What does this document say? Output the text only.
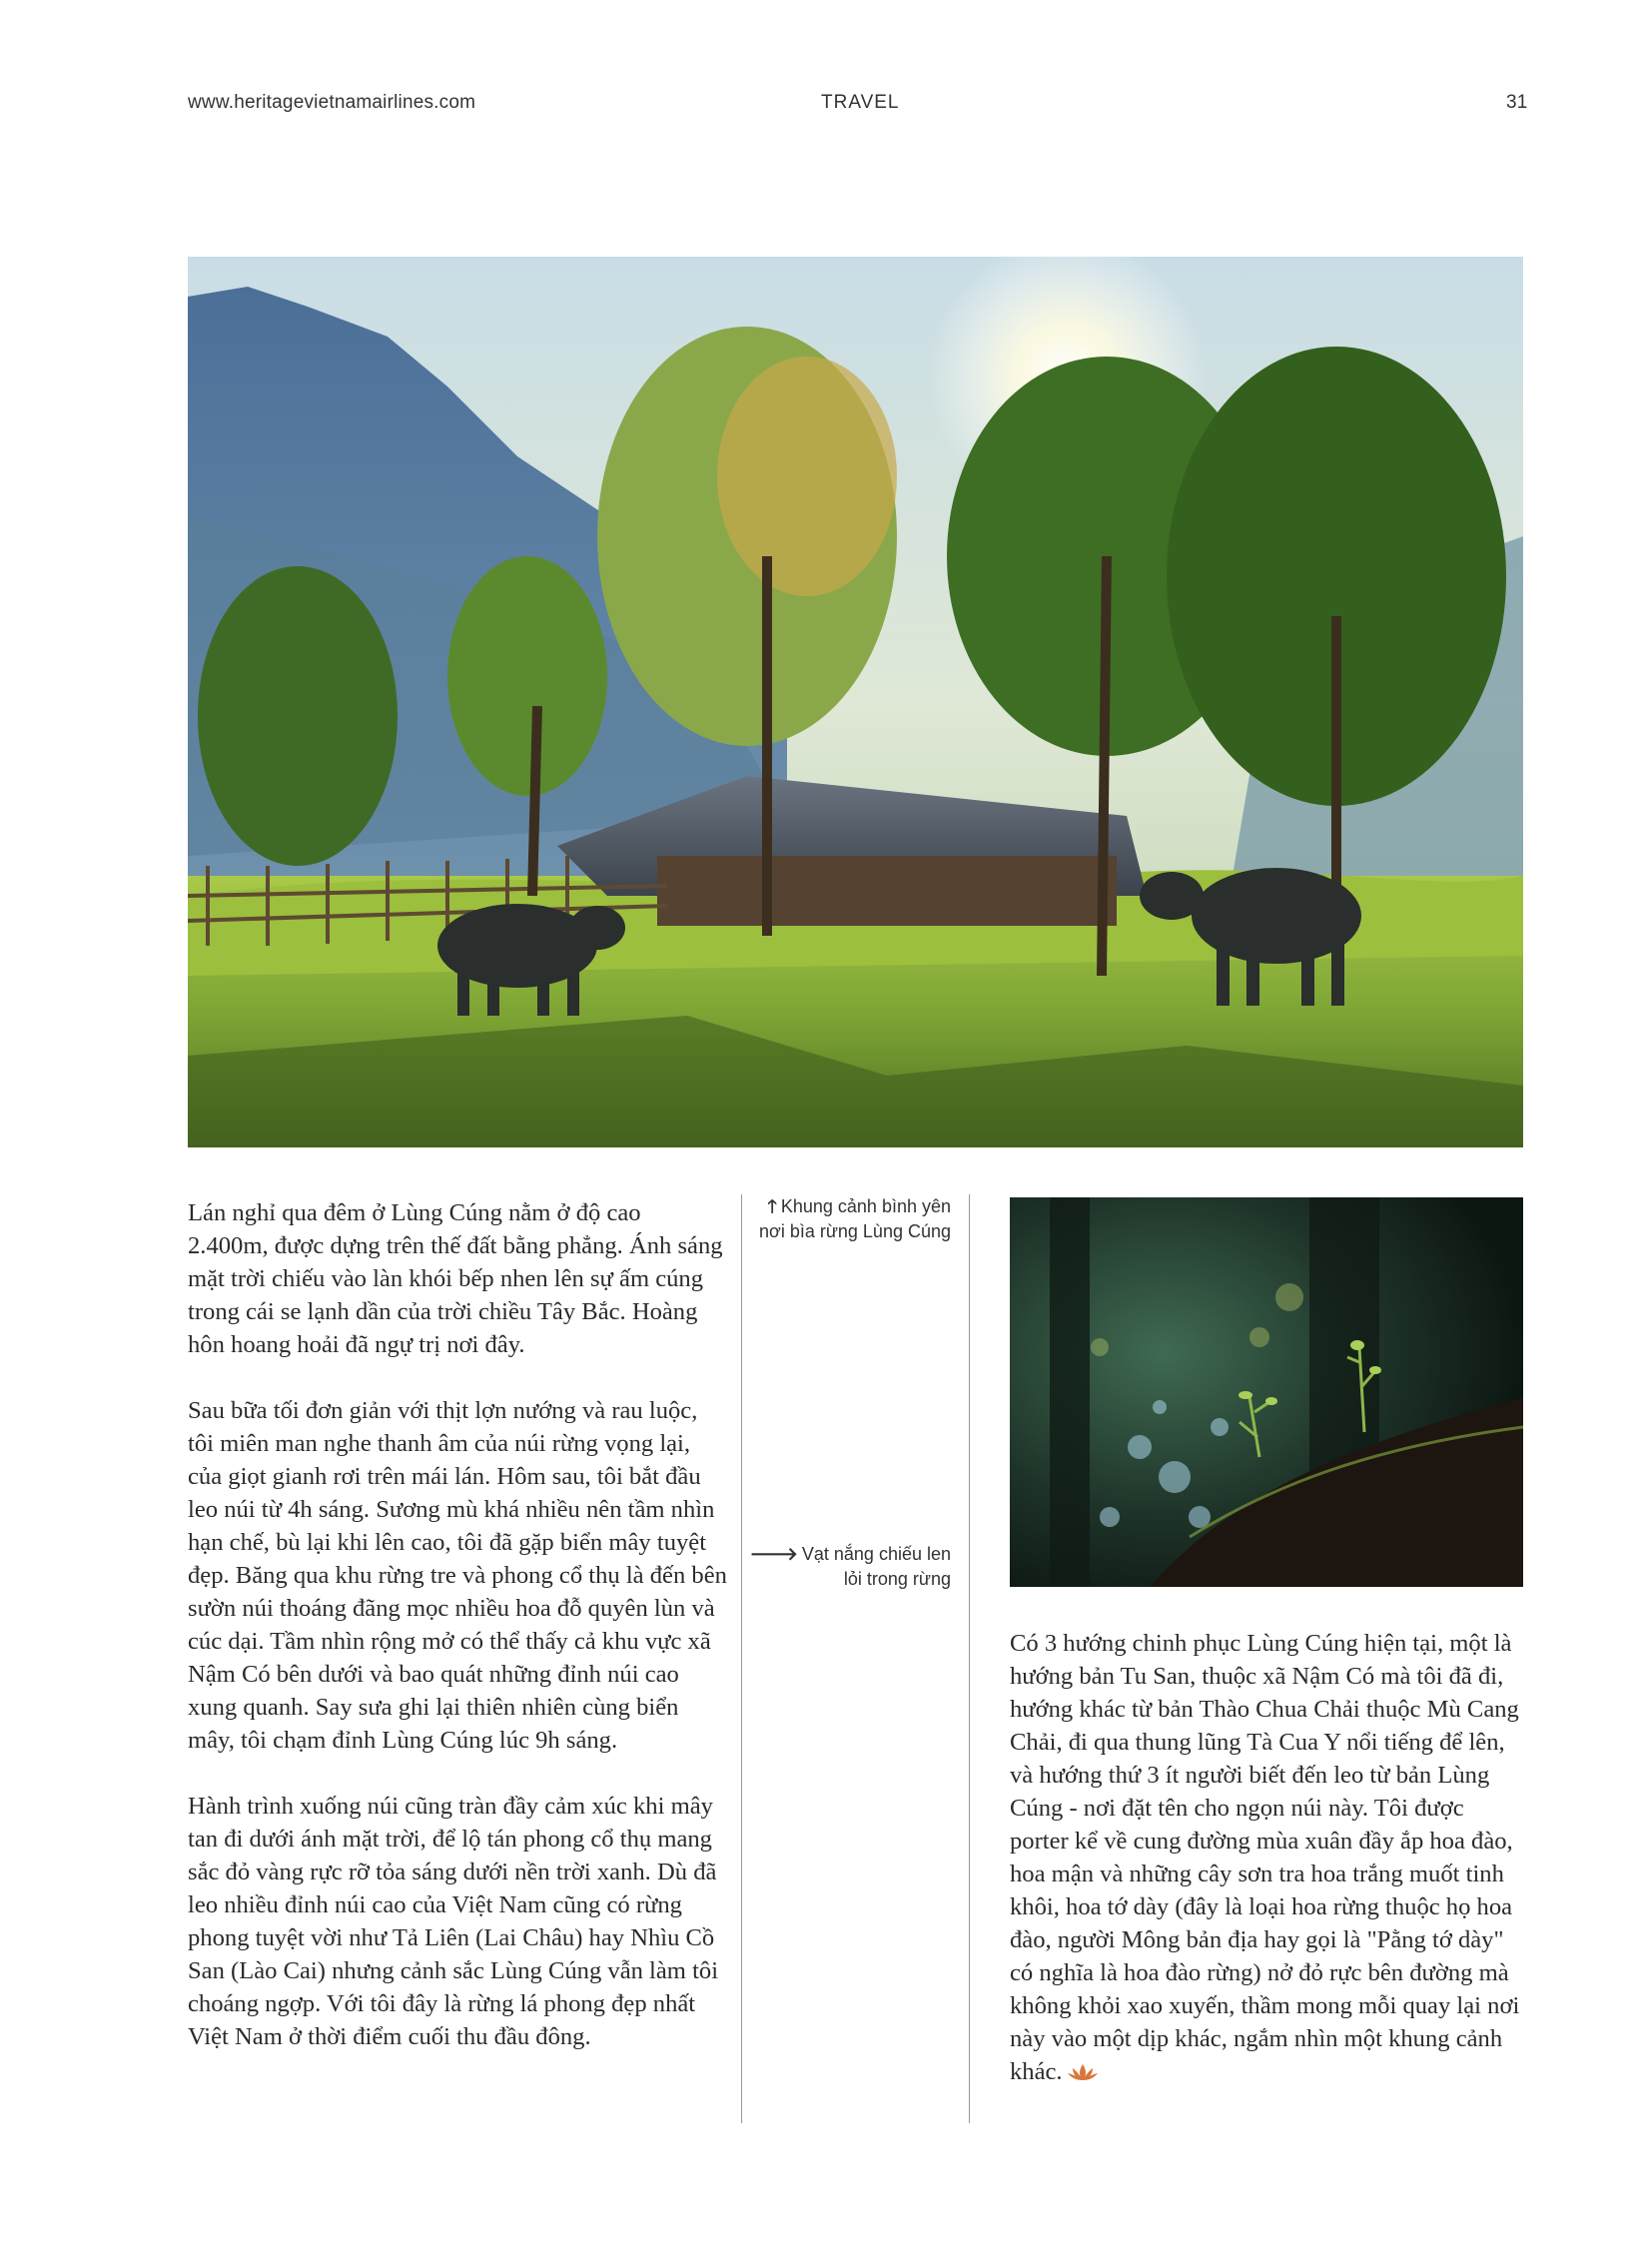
www.heritagevietnamairlines.com	TRAVEL	31
🡑 Khung cảnh bình yên nơi bìa rừng Lùng Cúng
🡒 Vạt nắng chiếu len lỏi trong rừng

Lán nghỉ qua đêm ở Lùng Cúng nằm ở độ cao 2.400m, được dựng trên thế đất bằng phẳng. Ánh sáng mặt trời chiếu vào làn khói bếp nhen lên sự ấm cúng trong cái se lạnh dần của trời chiều Tây Bắc. Hoàng hôn hoang hoải đã ngự trị nơi đây.

Sau bữa tối đơn giản với thịt lợn nướng và rau luộc, tôi miên man nghe thanh âm của núi rừng vọng lại, của giọt gianh rơi trên mái lán. Hôm sau, tôi bắt đầu leo núi từ 4h sáng. Sương mù khá nhiều nên tầm nhìn hạn chế, bù lại khi lên cao, tôi đã gặp biển mây tuyệt đẹp. Băng qua khu rừng tre và phong cổ thụ là đến bên sườn núi thoáng đãng mọc nhiều hoa đỗ quyên lùn và cúc dại. Tầm nhìn rộng mở có thể thấy cả khu vực xã Nậm Có bên dưới và bao quát những đỉnh núi cao xung quanh. Say sưa ghi lại thiên nhiên cùng biển mây, tôi chạm đỉnh Lùng Cúng lúc 9h sáng.

Hành trình xuống núi cũng tràn đầy cảm xúc khi mây tan đi dưới ánh mặt trời, để lộ tán phong cổ thụ mang sắc đỏ vàng rực rỡ tỏa sáng dưới nền trời xanh. Dù đã leo nhiều đỉnh núi cao của Việt Nam cũng có rừng phong tuyệt vời như Tả Liên (Lai Châu) hay Nhìu Cồ San (Lào Cai) nhưng cảnh sắc Lùng Cúng vẫn làm tôi choáng ngợp. Với tôi đây là rừng lá phong đẹp nhất Việt Nam ở thời điểm cuối thu đầu đông.

Có 3 hướng chinh phục Lùng Cúng hiện tại, một là hướng bản Tu San, thuộc xã Nậm Có mà tôi đã đi, hướng khác từ bản Thào Chua Chải thuộc Mù Cang Chải, đi qua thung lũng Tà Cua Y nổi tiếng để lên, và hướng thứ 3 ít người biết đến leo từ bản Lùng Cúng - nơi đặt tên cho ngọn núi này. Tôi được porter kể về cung đường mùa xuân đầy ắp hoa đào, hoa mận và những cây sơn tra hoa trắng muốt tinh khôi, hoa tớ dày (đây là loại hoa rừng thuộc họ hoa đào, người Mông bản địa hay gọi là "Pằng tớ dày" có nghĩa là hoa đào rừng) nở đỏ rực bên đường mà không khỏi xao xuyến, thầm mong mỗi quay lại nơi này vào một dịp khác, ngắm nhìn một khung cảnh khác.
